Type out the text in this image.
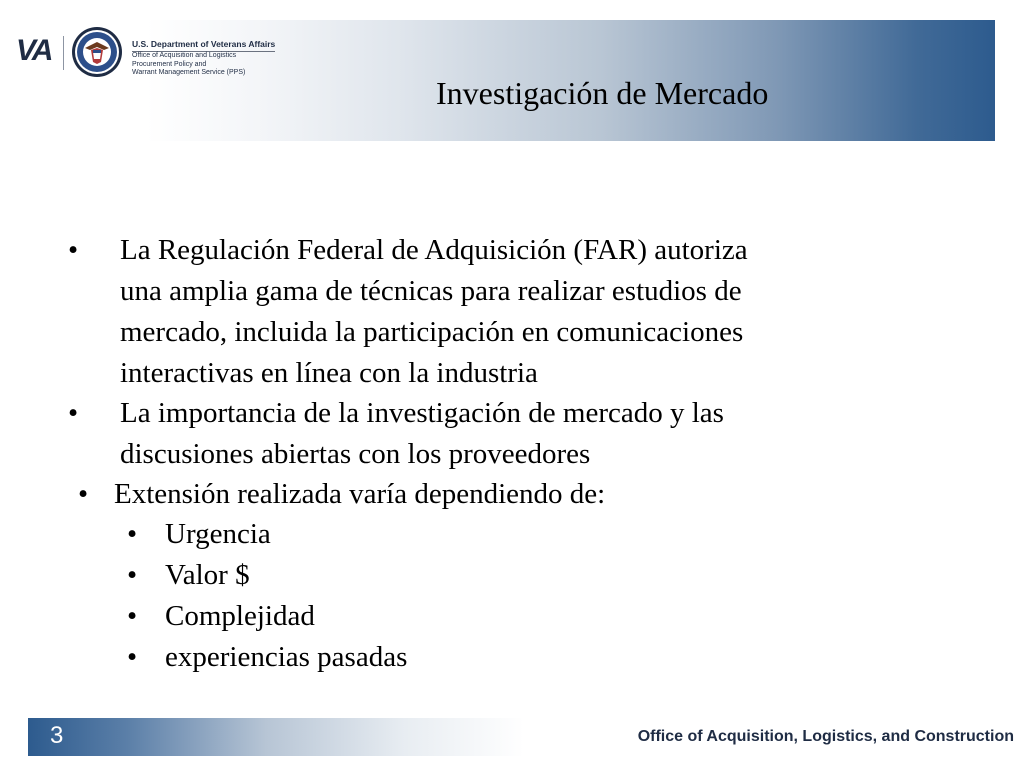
VA	U.S. Department of Veterans Affairs
Office of Acquisition and Logistics
Procurement Policy and
Warrant Management Service (PPS)
Investigación de Mercado
• La Regulación Federal de Adquisición (FAR) autoriza
una amplia gama de técnicas para realizar estudios de
mercado, incluida la participación en comunicaciones
interactivas en línea con la industria
• La importancia de la investigación de mercado y las
discusiones abiertas con los proveedores
• Extensión realizada varía dependiendo de:
• Urgencia
• Valor $
• Complejidad
• experiencias pasadas
3	Office of Acquisition, Logistics, and Construction
